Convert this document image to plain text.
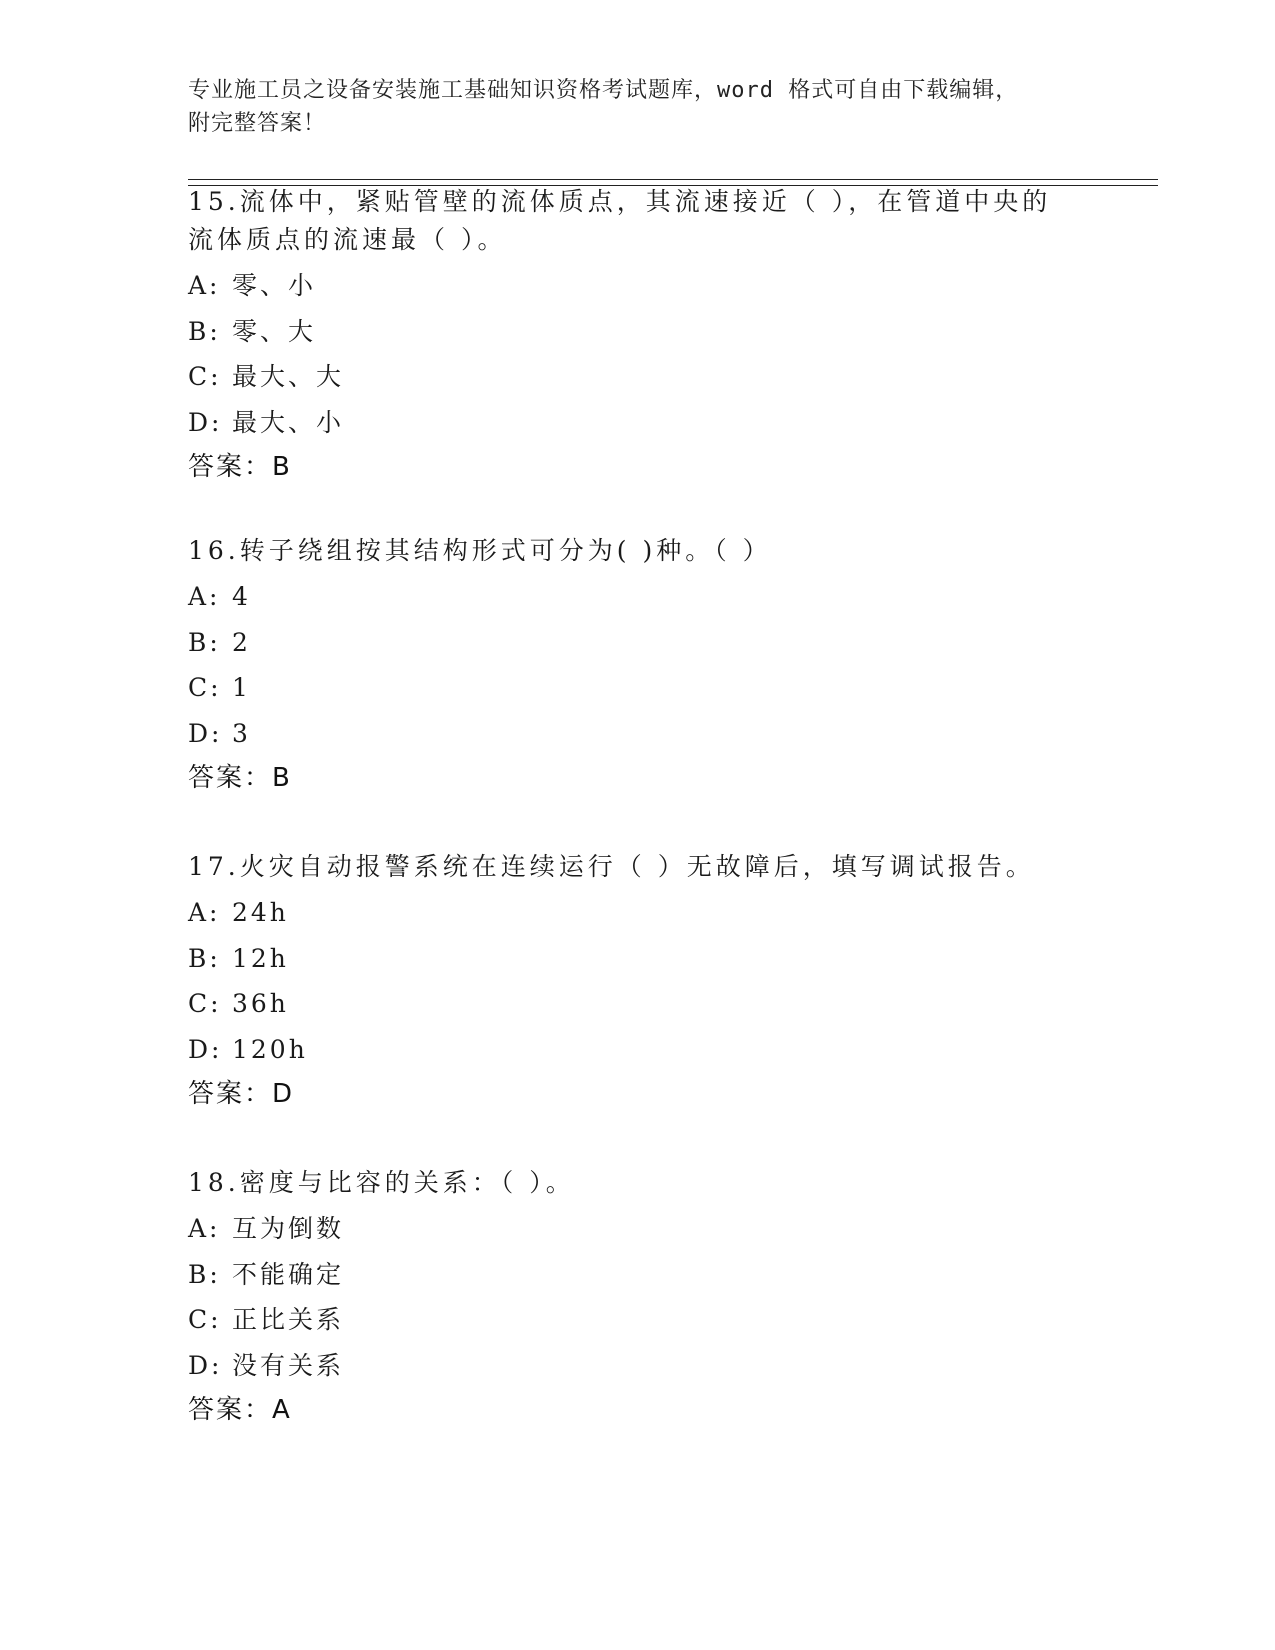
专业施工员之设备安装施工基础知识资格考试题库，word 格式可自由下载编辑，
附完整答案！

15.流体中，紧贴管壁的流体质点，其流速接近（ ），在管道中央的

流体质点的流速最（ ）。

A: 零、小
B: 零、大
C: 最大、大
D: 最大、小
答案：B

16.转子绕组按其结构形式可分为( )种。（ ）

A: 4
B: 2
C: 1
D: 3
答案：B

17.火灾自动报警系统在连续运行（ ）无故障后，填写调试报告。

A: 24h
B: 12h
C: 36h
D: 120h
答案：D

18.密度与比容的关系：（ ）。

A: 互为倒数
B: 不能确定
C: 正比关系
D: 没有关系
答案：A
